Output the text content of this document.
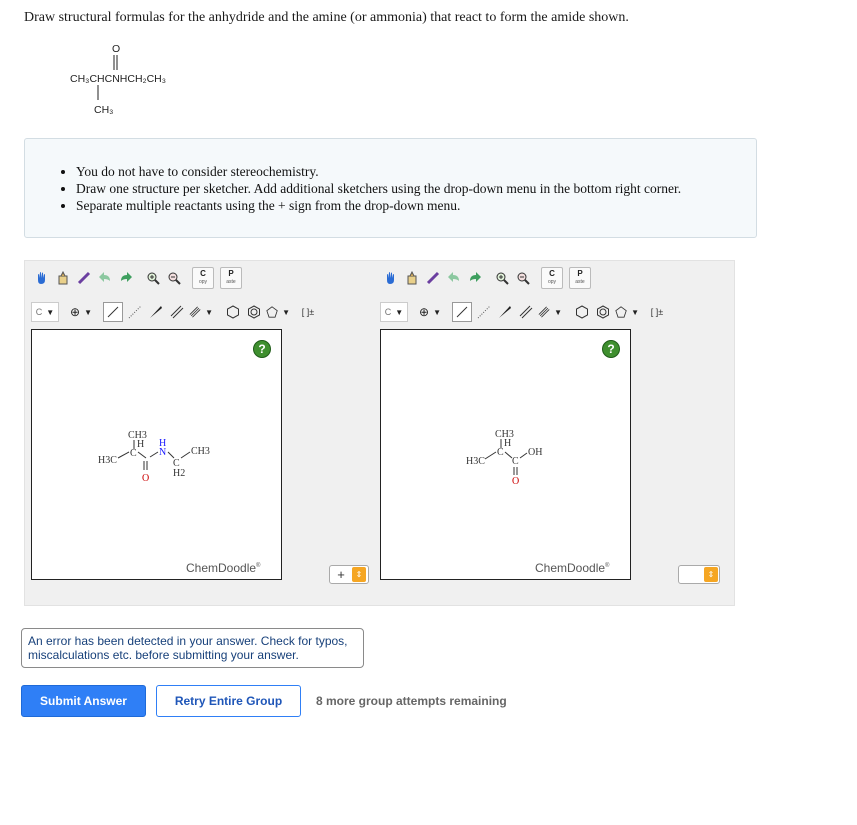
Draw structural formulas for the anhydride and the amine (or ammonia) that react to form the amide shown.
O
CH₃CHCNHCH₂CH₃
CH₃
• You do not have to consider stereochemistry.
• Draw one structure per sketcher. Add additional sketchers using the drop-down menu in the bottom right corner.
• Separate multiple reactants using the + sign from the drop-down menu.
C
opy
P
aste
C ▼ ⊕ ▼	▼	▼	[ ]±
?
CH3
H
C
H3C
O
H
N
C
CH3
H2
ChemDoodle®
+	⇕
C
opy
P
aste
C ▼ ⊕ ▼	▼	▼	[ ]±
?
CH3
H
C
H3C	C
OH
O
ChemDoodle®
⇕
An error has been detected in your answer. Check for typos, miscalculations etc. before submitting your answer.
Submit Answer	Retry Entire Group	8 more group attempts remaining
